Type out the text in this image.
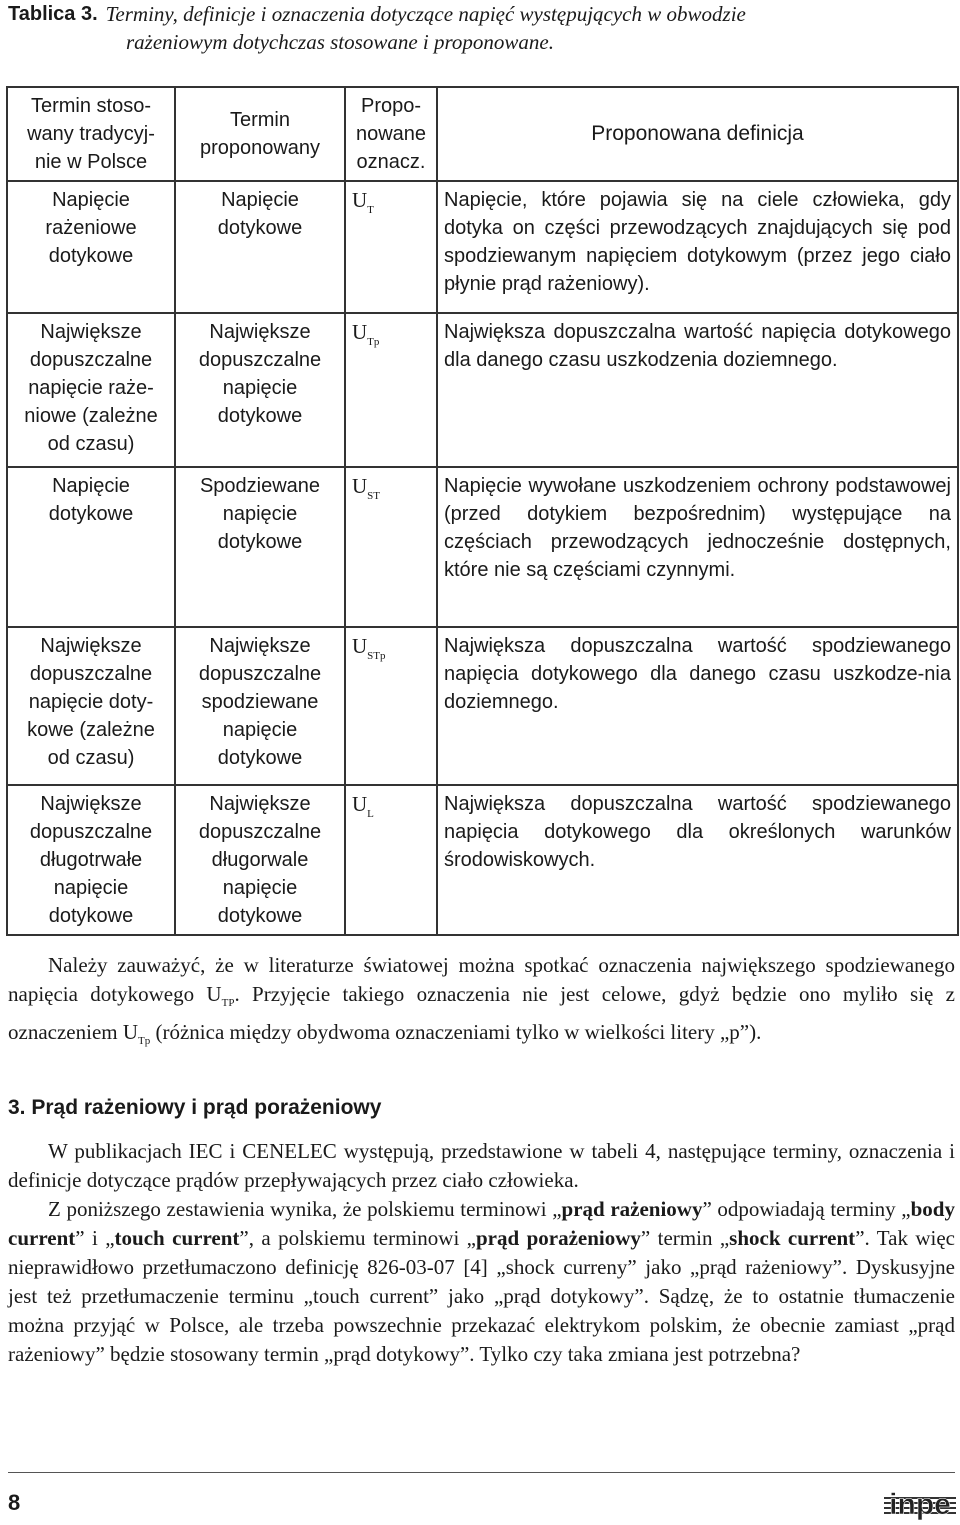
Tablica 3. Terminy, definicje i oznaczenia dotyczące napięć występujących w obwodzie
rażeniowym dotychczas stosowane i proponowane.
Termin stoso-wany tradycyj-nie w Polsce	Termin proponowany	Propo-nowane oznacz.	Proponowana definicja
Napięcie rażeniowe dotykowe	Napięcie dotykowe	$U_T$	Napięcie, które pojawia się na ciele człowieka, gdy dotyka on części przewodzących znajdujących się pod spodziewanym napięciem dotykowym (przez jego ciało płynie prąd rażeniowy).
Największe dopuszczalne napięcie raże-niowe (zależne od czasu)	Największe dopuszczalne napięcie dotykowe	$U_{Tp}$	Największa dopuszczalna wartość napięcia dotykowego dla danego czasu uszkodzenia doziemnego.
Napięcie dotykowe	Spodziewane napięcie dotykowe	$U_{ST}$	Napięcie wywołane uszkodzeniem ochrony podstawowej (przed dotykiem bezpośrednim) występujące na częściach przewodzących jednocześnie dostępnych, które nie są częściami czynnymi.
Największe dopuszczalne napięcie doty-kowe (zależne od czasu)	Największe dopuszczalne spodziewane napięcie dotykowe	$U_{STp}$	Największa dopuszczalna wartość spodziewanego napięcia dotykowego dla danego czasu uszkodze-nia doziemnego.
Największe dopuszczalne długotrwałe napięcie dotykowe	Największe dopuszczalne długorwale napięcie dotykowe	$U_L$	Największa dopuszczalna wartość spodziewanego napięcia dotykowego dla określonych warunków środowiskowych.

Należy zauważyć, że w literaturze światowej można spotkać oznaczenia największego spodziewanego napięcia dotykowego $U_{TP}$. Przyjęcie takiego oznaczenia nie jest celowe, gdyż będzie ono myliło się z oznaczeniem $U_{Tp}$ (różnica między obydwoma oznaczeniami tylko w wielkości litery „p”).

3. Prąd rażeniowy i prąd porażeniowy

W publikacjach IEC i CENELEC występują, przedstawione w tabeli 4, następujące terminy, oznaczenia i definicje dotyczące prądów przepływających przez ciało człowieka.

Z poniższego zestawienia wynika, że polskiemu terminowi „prąd rażeniowy” odpowiadają terminy „body current” i „touch current”, a polskiemu terminowi „prąd porażeniowy” termin „shock current”. Tak więc nieprawidłowo przetłumaczono definicję 826-03-07 [4] „shock curreny” jako „prąd rażeniowy”. Dyskusyjne jest też przetłumaczenie terminu „touch current” jako „prąd dotykowy”. Sądzę, że to ostatnie tłumaczenie można przyjąć w Polsce, ale trzeba powszechnie przekazać elektrykom polskim, że obecnie zamiast „prąd rażeniowy” będzie stosowany termin „prąd dotykowy”. Tylko czy taka zmiana jest potrzebna?

8	inpe
